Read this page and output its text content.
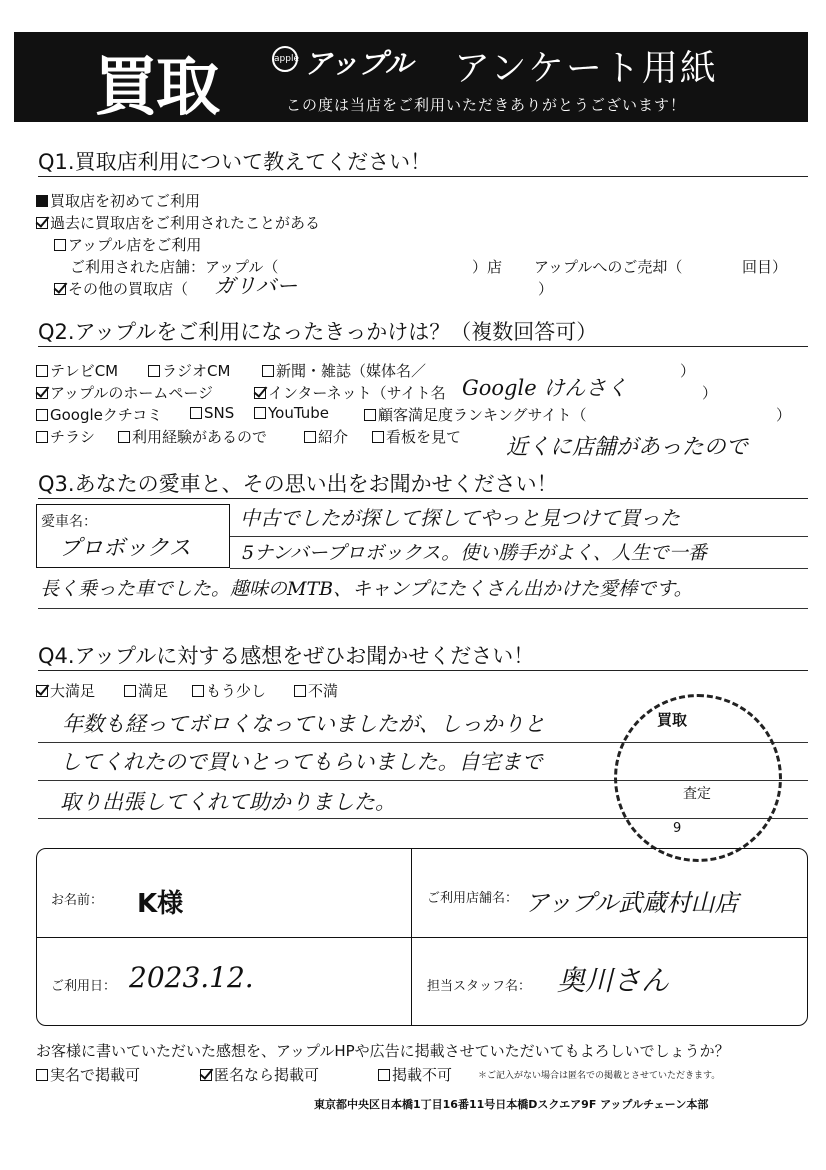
買取	apple アップル アンケート用紙
この度は当店をご利用いただきありがとうございます！
Q1.買取店利用について教えてください！
買取店を初めてご利用
過去に買取店をご利用されたことがある
アップル店をご利用
ご利用された店舗：アップル（	）店 アップルへのご売却（	回目）
その他の買取店（ ガリバー	）
Q2.アップルをご利用になったきっかけは？（複数回答可）
テレビCM	ラジオCM	新聞・雑誌（媒体名／	）
アップルのホームページ	インターネット（サイト名 Google けんさく	）
Googleクチコミ	SNS	YouTube	顧客満足度ランキングサイト（	）
チラシ	利用経験があるので	紹介	看板を見て 近くに店舗があったので
Q3.あなたの愛車と、その思い出をお聞かせください！
愛車名：
プロボックス
中古でしたが探して探してやっと見つけて買った
5ナンバープロボックス。使い勝手がよく、人生で一番
長く乗った車でした。趣味のMTB、キャンプにたくさん出かけた愛棒です。
Q4.アップルに対する感想をぜひお聞かせください！
大満足	満足	もう少し	不満
年数も経ってボロくなっていましたが、しっかりと
してくれたので買いとってもらいました。自宅まで
取り出張してくれて助かりました。
買取
査定
9
お名前： K様	ご利用店舗名： アップル武蔵村山店
ご利用日： 2023.12.	担当スタッフ名： 奥川さん
お客様に書いていただいた感想を、アップルHPや広告に掲載させていただいてもよろしいでしょうか？
実名で掲載可	匿名なら掲載可	掲載不可	＊ご記入がない場合は匿名での掲載とさせていただきます。
東京都中央区日本橋1丁目16番11号日本橋Dスクエア9F アップルチェーン本部
